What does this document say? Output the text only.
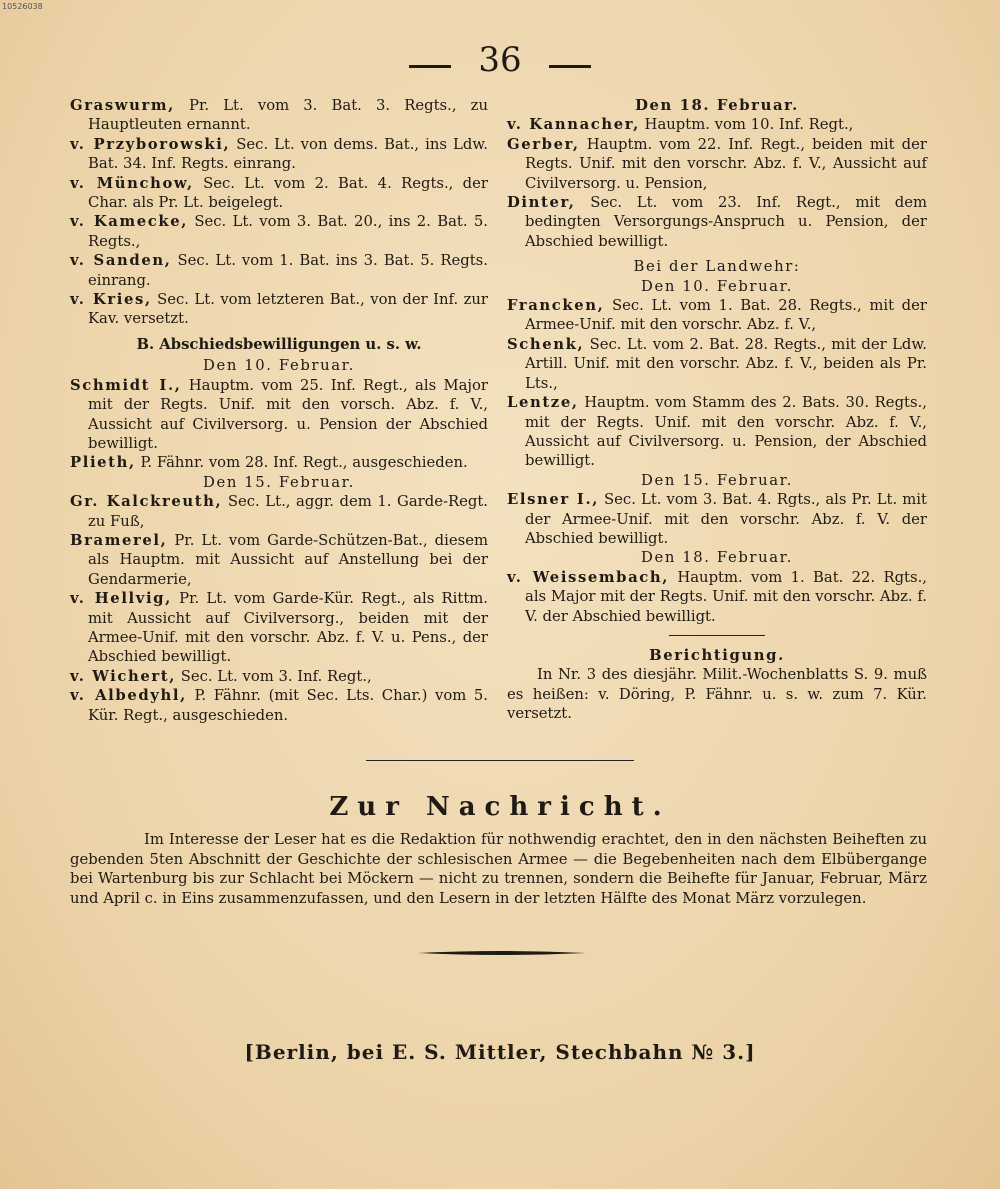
10526038
36
Graswurm, Pr. Lt. vom 3. Bat. 3. Regts., zu Hauptleuten ernannt.
v. Przyborowski, Sec. Lt. von dems. Bat., ins Ldw. Bat. 34. Inf. Regts. einrang.
v. Münchow, Sec. Lt. vom 2. Bat. 4. Regts., der Char. als Pr. Lt. beigelegt.
v. Kamecke, Sec. Lt. vom 3. Bat. 20., ins 2. Bat. 5. Regts.,
v. Sanden, Sec. Lt. vom 1. Bat. ins 3. Bat. 5. Regts. einrang.
v. Kries, Sec. Lt. vom letzteren Bat., von der Inf. zur Kav. versetzt.
B. Abschiedsbewilligungen u. s. w.
Den 10. Februar.
Schmidt I., Hauptm. vom 25. Inf. Regt., als Major mit der Regts. Unif. mit den vorsch. Abz. f. V., Aussicht auf Civilversorg. u. Pension der Abschied bewilligt.
Plieth, P. Fähnr. vom 28. Inf. Regt., ausgeschieden.
Den 15. Februar.
Gr. Kalckreuth, Sec. Lt., aggr. dem 1. Garde-Regt. zu Fuß,
Bramerel, Pr. Lt. vom Garde-Schützen-Bat., diesem als Hauptm. mit Aussicht auf Anstellung bei der Gendarmerie,
v. Hellvig, Pr. Lt. vom Garde-Kür. Regt., als Rittm. mit Aussicht auf Civilversorg., beiden mit der Armee-Unif. mit den vorschr. Abz. f. V. u. Pens., der Abschied bewilligt.
v. Wichert, Sec. Lt. vom 3. Inf. Regt.,
v. Albedyhl, P. Fähnr. (mit Sec. Lts. Char.) vom 5. Kür. Regt., ausgeschieden.
Den 18. Februar.
v. Kannacher, Hauptm. vom 10. Inf. Regt.,
Gerber, Hauptm. vom 22. Inf. Regt., beiden mit der Regts. Unif. mit den vorschr. Abz. f. V., Aussicht auf Civilversorg. u. Pension,
Dinter, Sec. Lt. vom 23. Inf. Regt., mit dem bedingten Versorgungs-Anspruch u. Pension, der Abschied bewilligt.
Bei der Landwehr:
Den 10. Februar.
Francken, Sec. Lt. vom 1. Bat. 28. Regts., mit der Armee-Unif. mit den vorschr. Abz. f. V.,
Schenk, Sec. Lt. vom 2. Bat. 28. Regts., mit der Ldw. Artill. Unif. mit den vorschr. Abz. f. V., beiden als Pr. Lts.,
Lentze, Hauptm. vom Stamm des 2. Bats. 30. Regts., mit der Regts. Unif. mit den vorschr. Abz. f. V., Aussicht auf Civilversorg. u. Pension, der Abschied bewilligt.
Den 15. Februar.
Elsner I., Sec. Lt. vom 3. Bat. 4. Rgts., als Pr. Lt. mit der Armee-Unif. mit den vorschr. Abz. f. V. der Abschied bewilligt.
Den 18. Februar.
v. Weissembach, Hauptm. vom 1. Bat. 22. Rgts., als Major mit der Regts. Unif. mit den vorschr. Abz. f. V. der Abschied bewilligt.
Berichtigung.
In Nr. 3 des diesjähr. Milit.-Wochenblatts S. 9. muß es heißen: v. Döring, P. Fähnr. u. s. w. zum 7. Kür. versetzt.
Zur Nachricht.
Im Interesse der Leser hat es die Redaktion für nothwendig erachtet, den in den nächsten Beiheften zu gebenden 5ten Abschnitt der Geschichte der schlesischen Armee — die Begebenheiten nach dem Elbübergange bei Wartenburg bis zur Schlacht bei Möckern — nicht zu trennen, sondern die Beihefte für Januar, Februar, März und April c. in Eins zusammenzufassen, und den Lesern in der letzten Hälfte des Monat März vorzulegen.
[Berlin, bei E. S. Mittler, Stechbahn № 3.]
